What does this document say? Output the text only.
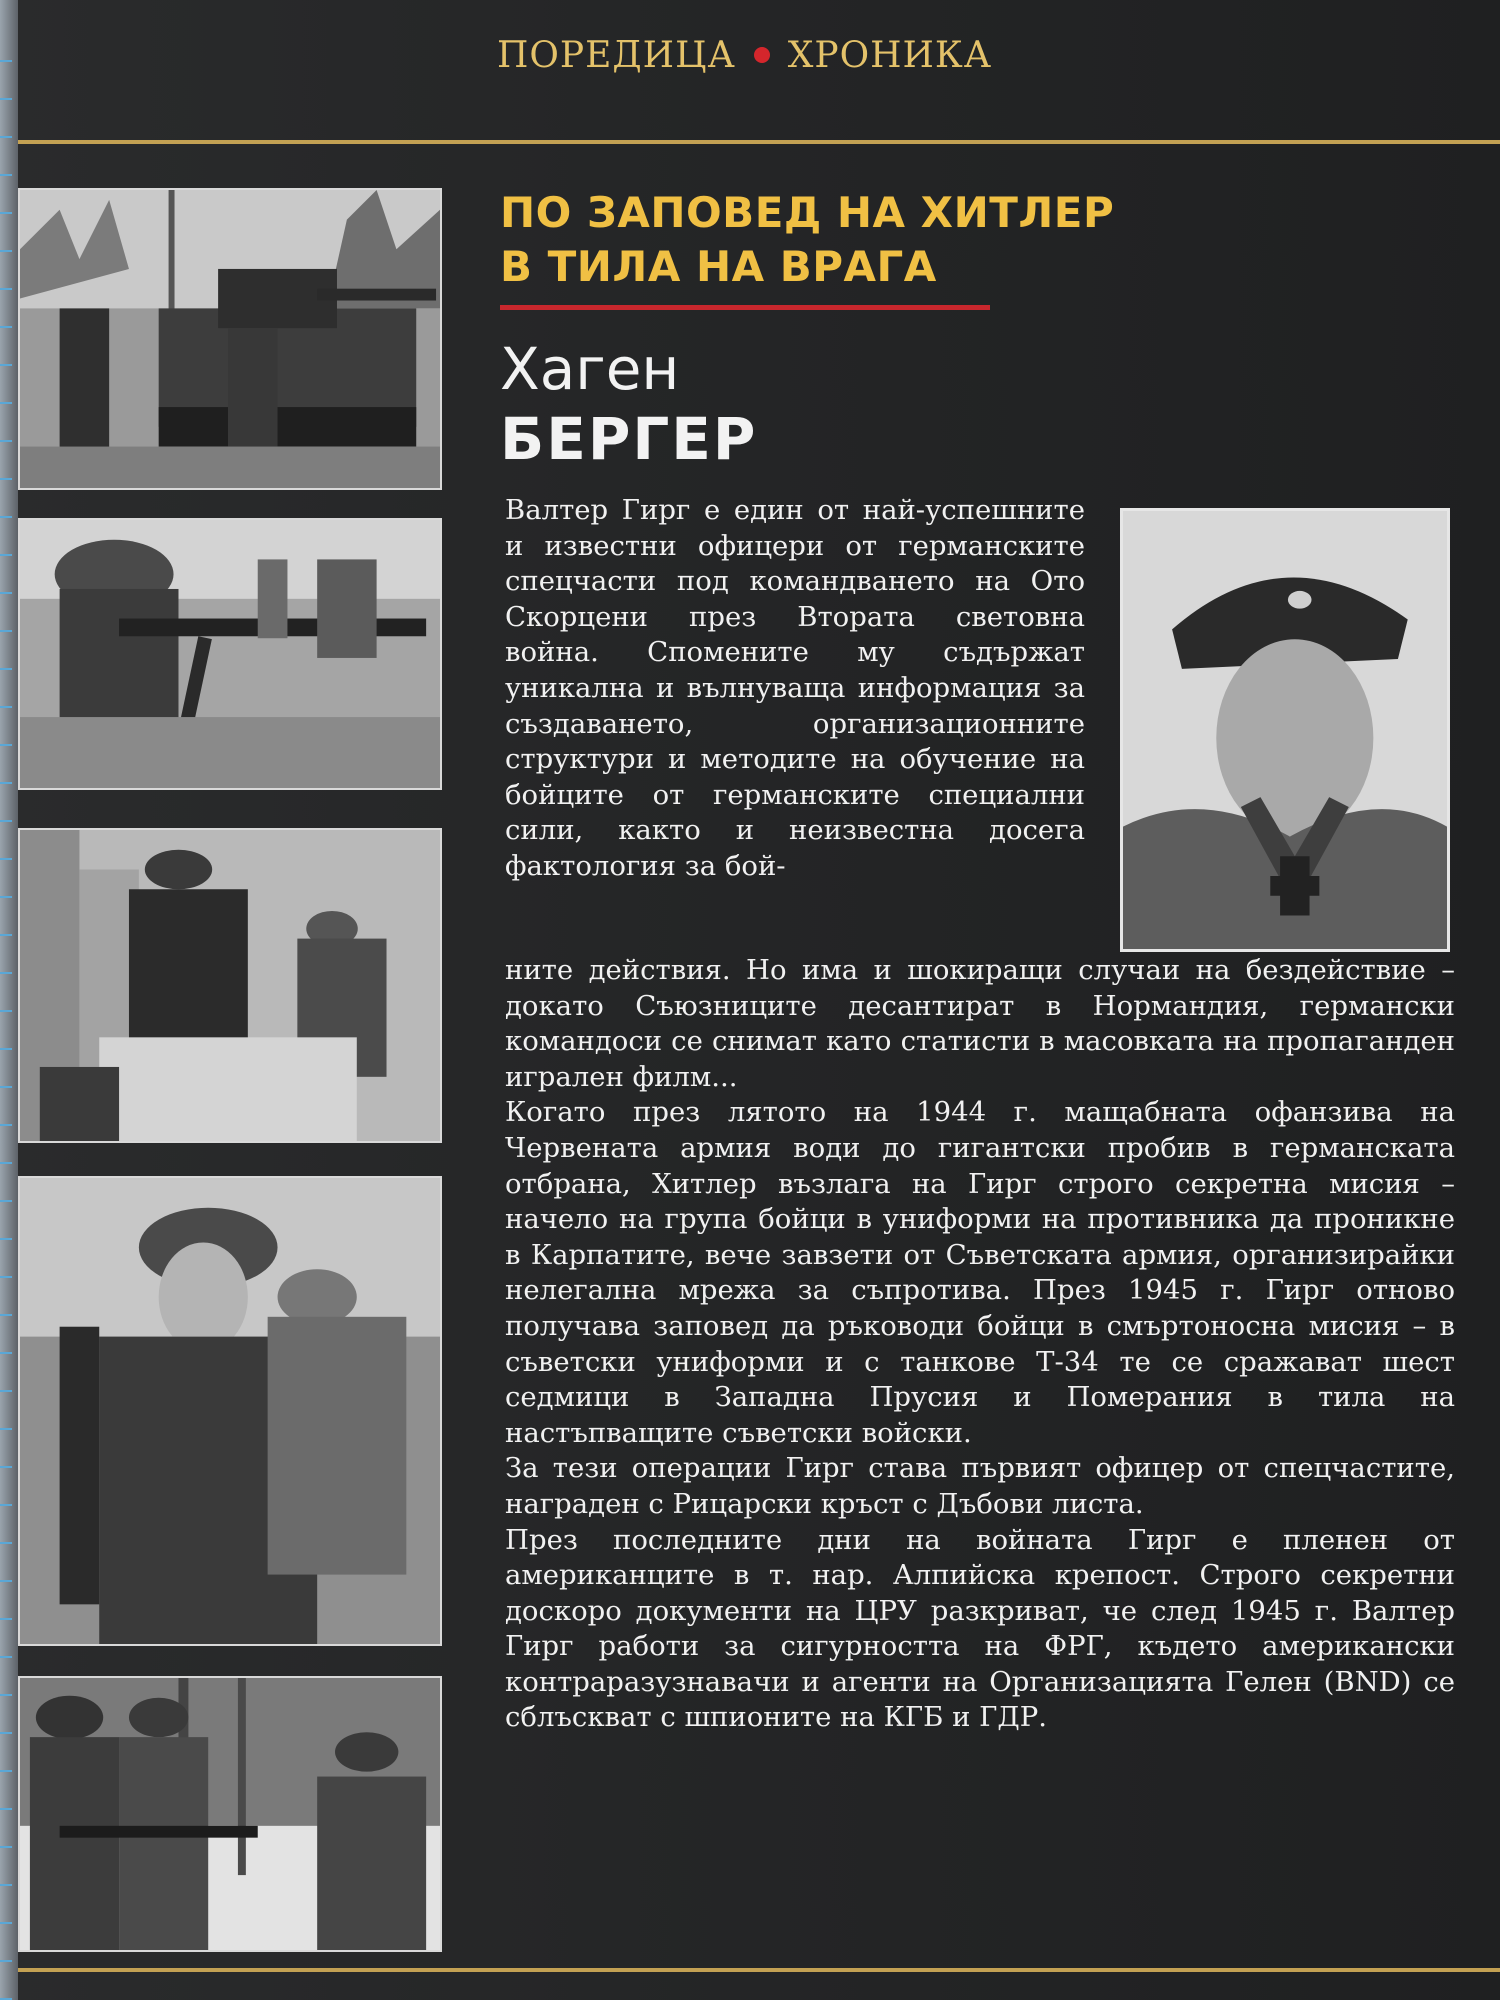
ПОРЕДИЦА ХРОНИКА
ПО ЗАПОВЕД НА ХИТЛЕР
В ТИЛА НА ВРАГА
Хаген
БЕРГЕР

Валтер Гирг е един от най-успешните и известни офицери от германските спецчасти под командването на Ото Скорцени през Втората световна война. Спомените му съдържат уникална и вълнуваща информация за създаването, организационните структури и методите на обучение на бойците от германските специални сили, както и неизвестна досега фактология за бой-

ните действия. Но има и шокиращи случаи на бездействие – докато Съюзниците десантират в Нормандия, германски командоси се снимат като статисти в масовката на пропаганден игрален филм...

Когато през лятото на 1944 г. мащабната офанзива на Червената армия води до гигантски пробив в германската отбрана, Хитлер възлага на Гирг строго секретна мисия – начело на група бойци в униформи на противника да проникне в Карпатите, вече завзети от Съветската армия, организирайки нелегална мрежа за съпротива. През 1945 г. Гирг отново получава заповед да ръководи бойци в смъртоносна мисия – в съветски униформи и с танкове Т-34 те се сражават шест седмици в Западна Прусия и Померания в тила на настъпващите съветски войски.

За тези операции Гирг става първият офицер от спецчастите, награден с Рицарски кръст с Дъбови листа.

През последните дни на войната Гирг е пленен от американците в т. нар. Алпийска крепост. Строго секретни доскоро документи на ЦРУ разкриват, че след 1945 г. Валтер Гирг работи за сигурността на ФРГ, където американски контраразузнавачи и агенти на Организацията Гелен (BND) се сблъскват с шпионите на КГБ и ГДР.
